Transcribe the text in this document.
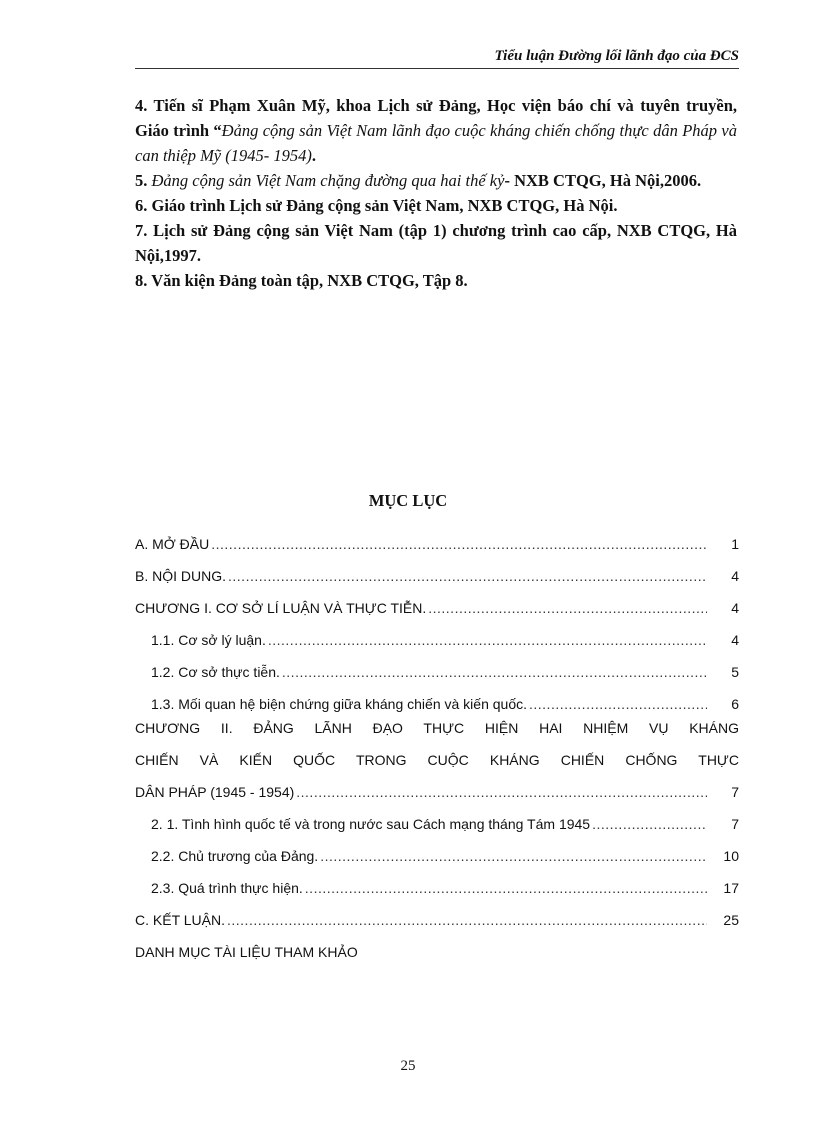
Tiểu luận Đường lối lãnh đạo của ĐCS
4. Tiến sĩ Phạm Xuân Mỹ, khoa Lịch sử Đảng, Học viện báo chí và tuyên truyền, Giáo trình “Đảng cộng sản Việt Nam lãnh đạo cuộc kháng chiến chống thực dân Pháp và can thiệp Mỹ (1945- 1954).
5. Đảng cộng sản Việt Nam chặng đường qua hai thế kỷ- NXB CTQG, Hà Nội,2006.
6. Giáo trình Lịch sử Đảng cộng sản Việt Nam, NXB CTQG, Hà Nội.
7. Lịch sử Đảng cộng sản Việt Nam (tập 1) chương trình cao cấp, NXB CTQG, Hà Nội,1997.
8. Văn kiện Đảng toàn tập, NXB CTQG, Tập 8.
MỤC LỤC
A. MỞ ĐẦU .....	1
B. NỘI DUNG. .....	4
CHƯƠNG I. CƠ SỞ LÍ LUẬN VÀ THỰC TIỄN. .....	4
1.1. Cơ sở lý luận. .....	4
1.2. Cơ sở thực tiễn. .....	5
1.3. Mối quan hệ biện chứng giữa kháng chiến và kiến quốc. .....	6
CHƯƠNG II. ĐẢNG LÃNH ĐẠO THỰC HIỆN HAI NHIỆM VỤ KHÁNG
CHIẾN VÀ KIẾN QUỐC TRONG CUỘC KHÁNG CHIẾN CHỐNG THỰC
DÂN PHÁP (1945 - 1954) .....	7
2. 1. Tình hình quốc tế và trong nước sau Cách mạng tháng Tám 1945 .....	7
2.2. Chủ trương của Đảng. .....	10
2.3. Quá trình thực hiện. .....	17
C. KẾT LUẬN. .....	25
DANH MỤC TÀI LIỆU THAM KHẢO
25
